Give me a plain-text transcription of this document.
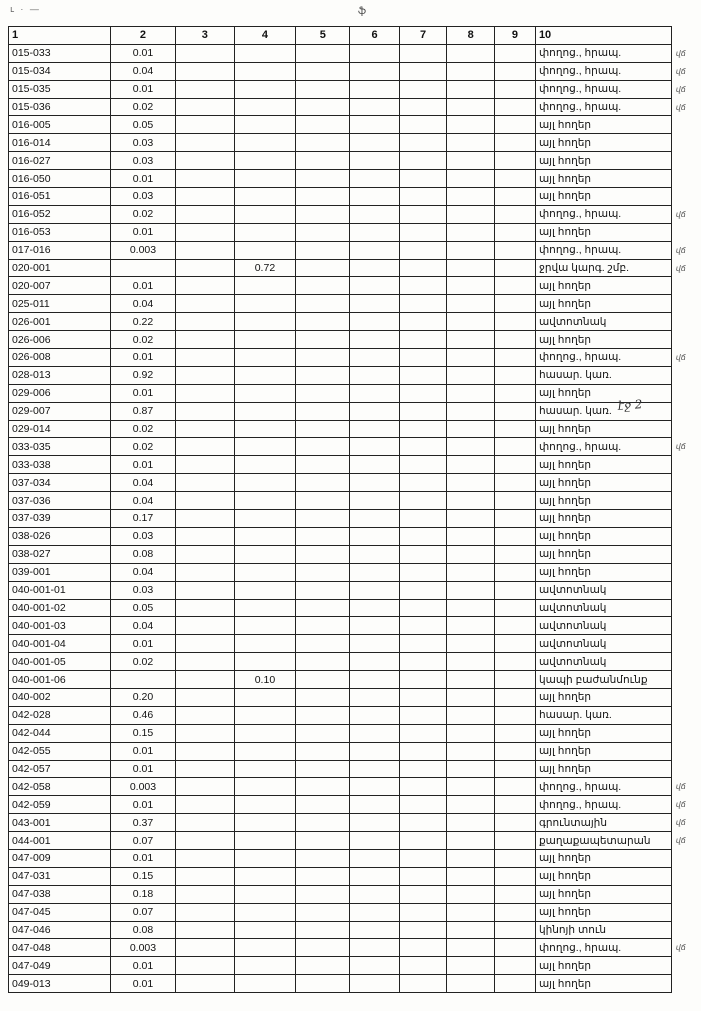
ւ · —	ֆ
1	2	3	4	5	6	7	8	9	10	
015-033	0.01								փողոց., հրապ.	վճ
015-034	0.04								փողոց., հրապ.	վճ
015-035	0.01								փողոց., հրապ.	վճ
015-036	0.02								փողոց., հրապ.	վճ
016-005	0.05								այլ հողեր	
016-014	0.03								այլ հողեր	
016-027	0.03								այլ հողեր	
016-050	0.01								այլ հողեր	
016-051	0.03								այլ հողեր	
016-052	0.02								փողոց., հրապ.	վճ
016-053	0.01								այլ հողեր	
017-016	0.003								փողոց., հրապ.	վճ
020-001			0.72						ջրվա կարգ. շմբ.	վճ
020-007	0.01								այլ հողեր	
025-011	0.04								այլ հողեր	
026-001	0.22								ավտոտնակ	
026-006	0.02								այլ հողեր	
026-008	0.01								փողոց., հրապ.	վճ
028-013	0.92								հասար. կառ.	
029-006	0.01								այլ հողեր	
029-007	0.87								հասար. կառ.	
029-014	0.02								այլ հողեր	
033-035	0.02								փողոց., հրապ.	վճ
033-038	0.01								այլ հողեր	
037-034	0.04								այլ հողեր	
037-036	0.04								այլ հողեր	
037-039	0.17								այլ հողեր	
038-026	0.03								այլ հողեր	
038-027	0.08								այլ հողեր	
039-001	0.04								այլ հողեր	
040-001-01	0.03								ավտոտնակ	
040-001-02	0.05								ավտոտնակ	
040-001-03	0.04								ավտոտնակ	
040-001-04	0.01								ավտոտնակ	
040-001-05	0.02								ավտոտնակ	
040-001-06			0.10						կապի բաժանմունք	
040-002	0.20								այլ հողեր	
042-028	0.46								հասար. կառ.	
042-044	0.15								այլ հողեր	
042-055	0.01								այլ հողեր	
042-057	0.01								այլ հողեր	
042-058	0.003								փողոց., հրապ.	վճ
042-059	0.01								փողոց., հրապ.	վճ
043-001	0.37								գրունտային	վճ
044-001	0.07								քաղաքապետարան	վճ
047-009	0.01								այլ հողեր	
047-031	0.15								այլ հողեր	
047-038	0.18								այլ հողեր	
047-045	0.07								այլ հողեր	
047-046	0.08								կինոյի տուն	
047-048	0.003								փողոց., հրապ.	վճ
047-049	0.01								այլ հողեր	
049-013	0.01								այլ հողեր	
էջ 2
